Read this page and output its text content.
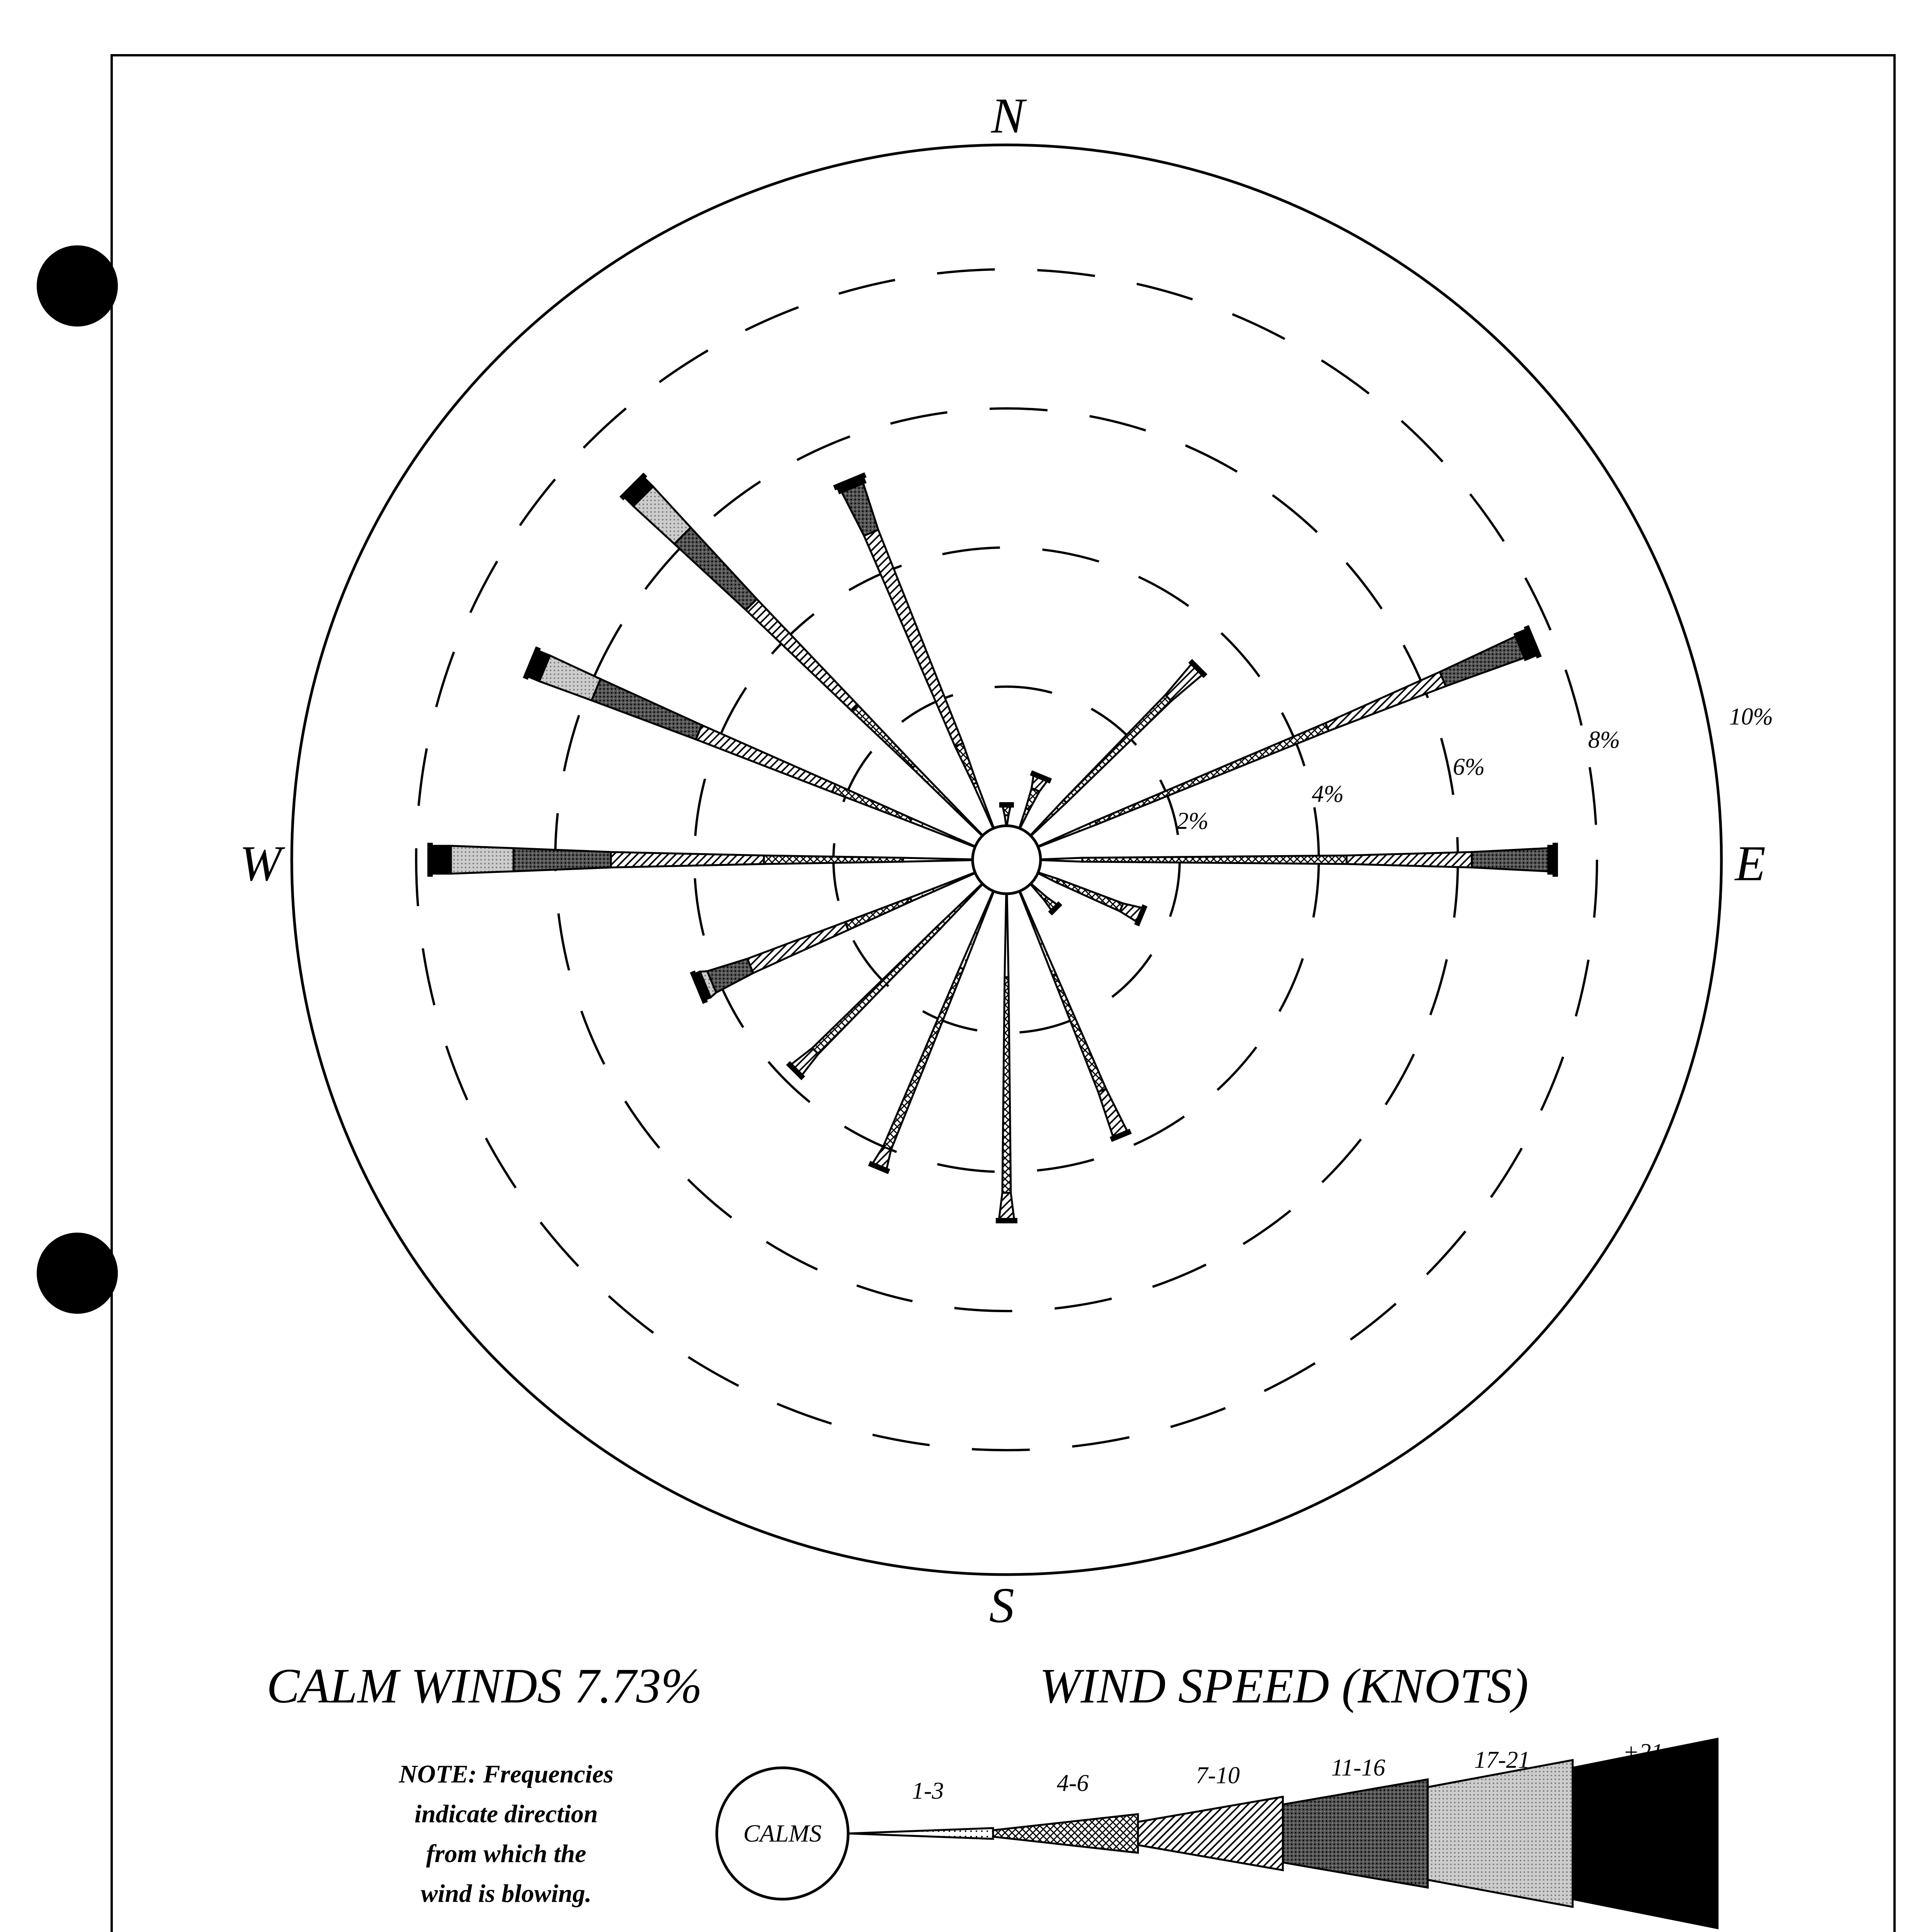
N
S
E
W
2%
4%
6%
8%
10%
CALM WINDS 7.73%	WIND SPEED (KNOTS)
NOTE: Frequencies
indicate direction
from which the
wind is blowing.
CALMS
1-3	4-6	7-10	11-16	17-21	+21
